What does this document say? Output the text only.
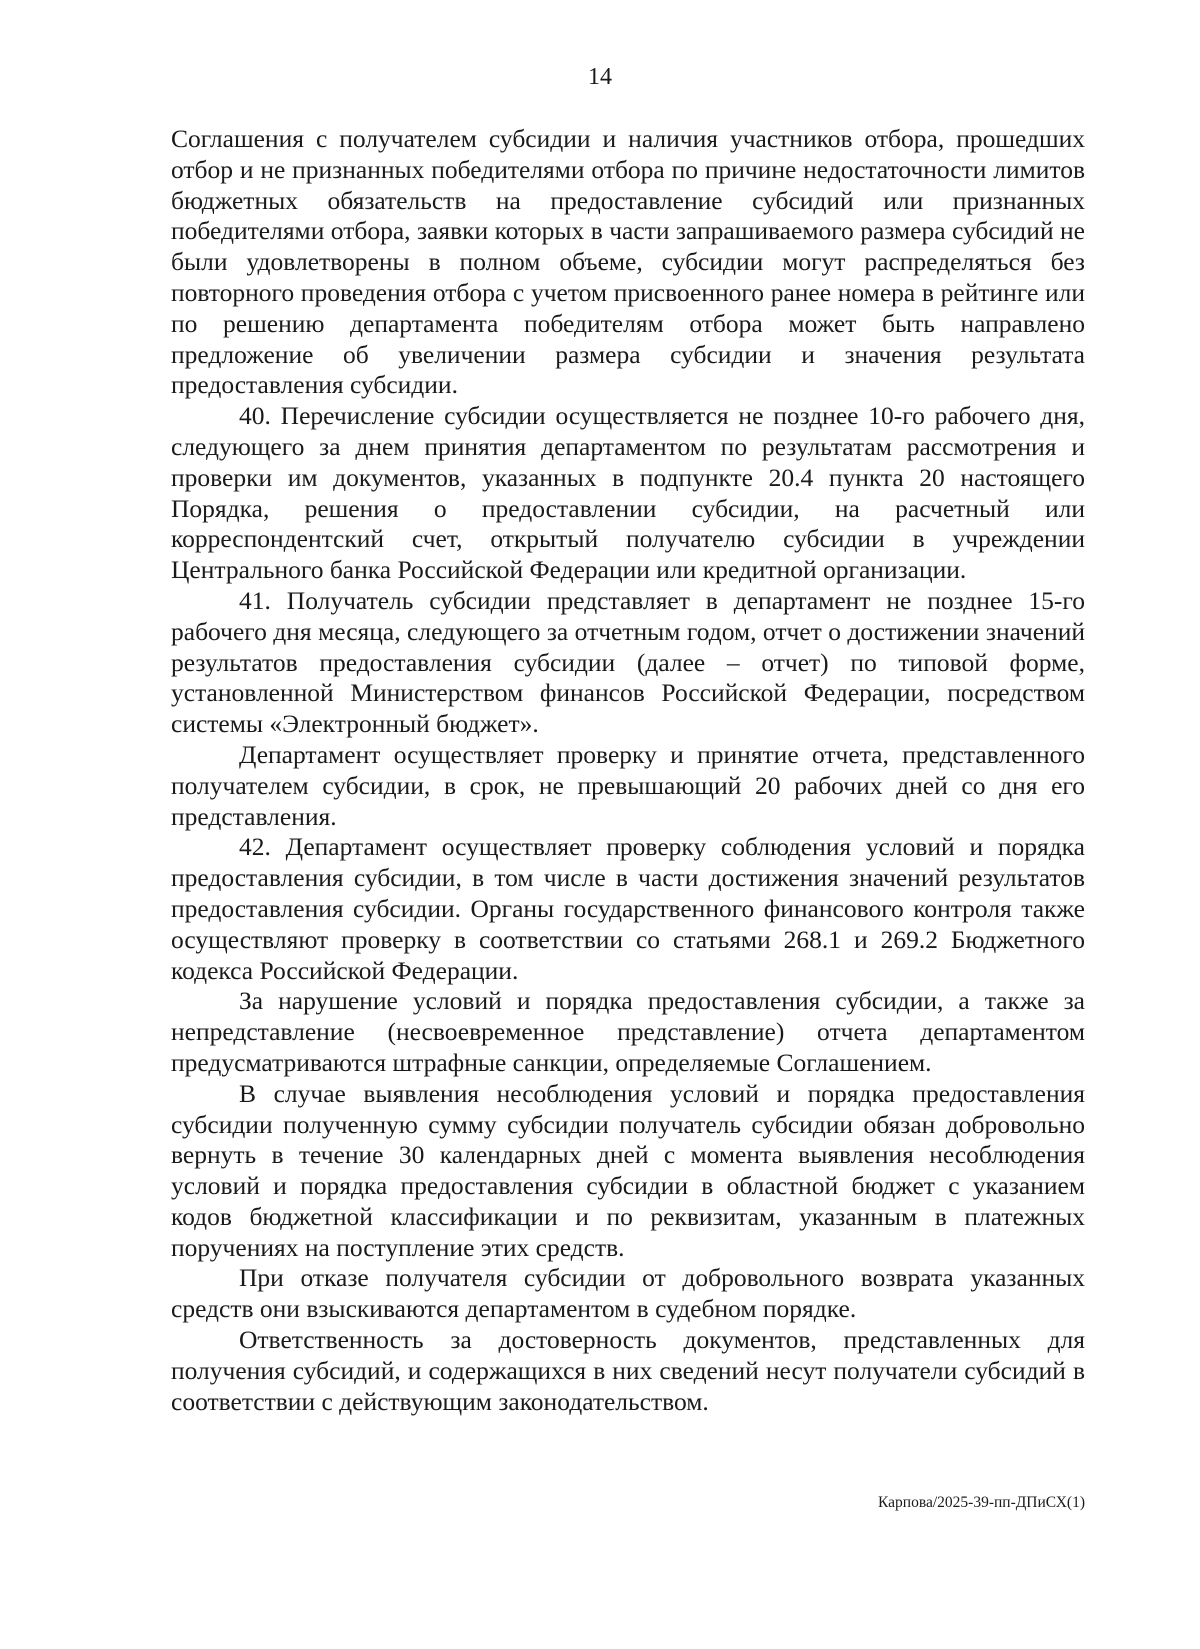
14

Соглашения с получателем субсидии и наличия участников отбора, прошедших отбор и не признанных победителями отбора по причине недостаточности лимитов бюджетных обязательств на предоставление субсидий или признанных победителями отбора, заявки которых в части запрашиваемого размера субсидий не были удовлетворены в полном объеме, субсидии могут распределяться без повторного проведения отбора с учетом присвоенного ранее номера в рейтинге или по решению департамента победителям отбора может быть направлено предложение об увеличении размера субсидии и значения результата предоставления субсидии.

40. Перечисление субсидии осуществляется не позднее 10-го рабочего дня, следующего за днем принятия департаментом по результатам рассмотрения и проверки им документов, указанных в подпункте 20.4 пункта 20 настоящего Порядка, решения о предоставлении субсидии, на расчетный или корреспондентский счет, открытый получателю субсидии в учреждении Центрального банка Российской Федерации или кредитной организации.

41. Получатель субсидии представляет в департамент не позднее 15-го рабочего дня месяца, следующего за отчетным годом, отчет о достижении значений результатов предоставления субсидии (далее – отчет) по типовой форме, установленной Министерством финансов Российской Федерации, посредством системы «Электронный бюджет».

Департамент осуществляет проверку и принятие отчета, представленного получателем субсидии, в срок, не превышающий 20 рабочих дней со дня его представления.

42. Департамент осуществляет проверку соблюдения условий и порядка предоставления субсидии, в том числе в части достижения значений результатов предоставления субсидии. Органы государственного финансового контроля также осуществляют проверку в соответствии со статьями 268.1 и 269.2 Бюджетного кодекса Российской Федерации.

За нарушение условий и порядка предоставления субсидии, а также за непредставление (несвоевременное представление) отчета департаментом предусматриваются штрафные санкции, определяемые Соглашением.

В случае выявления несоблюдения условий и порядка предоставления субсидии полученную сумму субсидии получатель субсидии обязан добровольно вернуть в течение 30 календарных дней с момента выявления несоблюдения условий и порядка предоставления субсидии в областной бюджет с указанием кодов бюджетной классификации и по реквизитам, указанным в платежных поручениях на поступление этих средств.

При отказе получателя субсидии от добровольного возврата указанных средств они взыскиваются департаментом в судебном порядке.

Ответственность за достоверность документов, представленных для получения субсидий, и содержащихся в них сведений несут получатели субсидий в соответствии с действующим законодательством.

Карпова/2025-39-пп-ДПиСХ(1)
